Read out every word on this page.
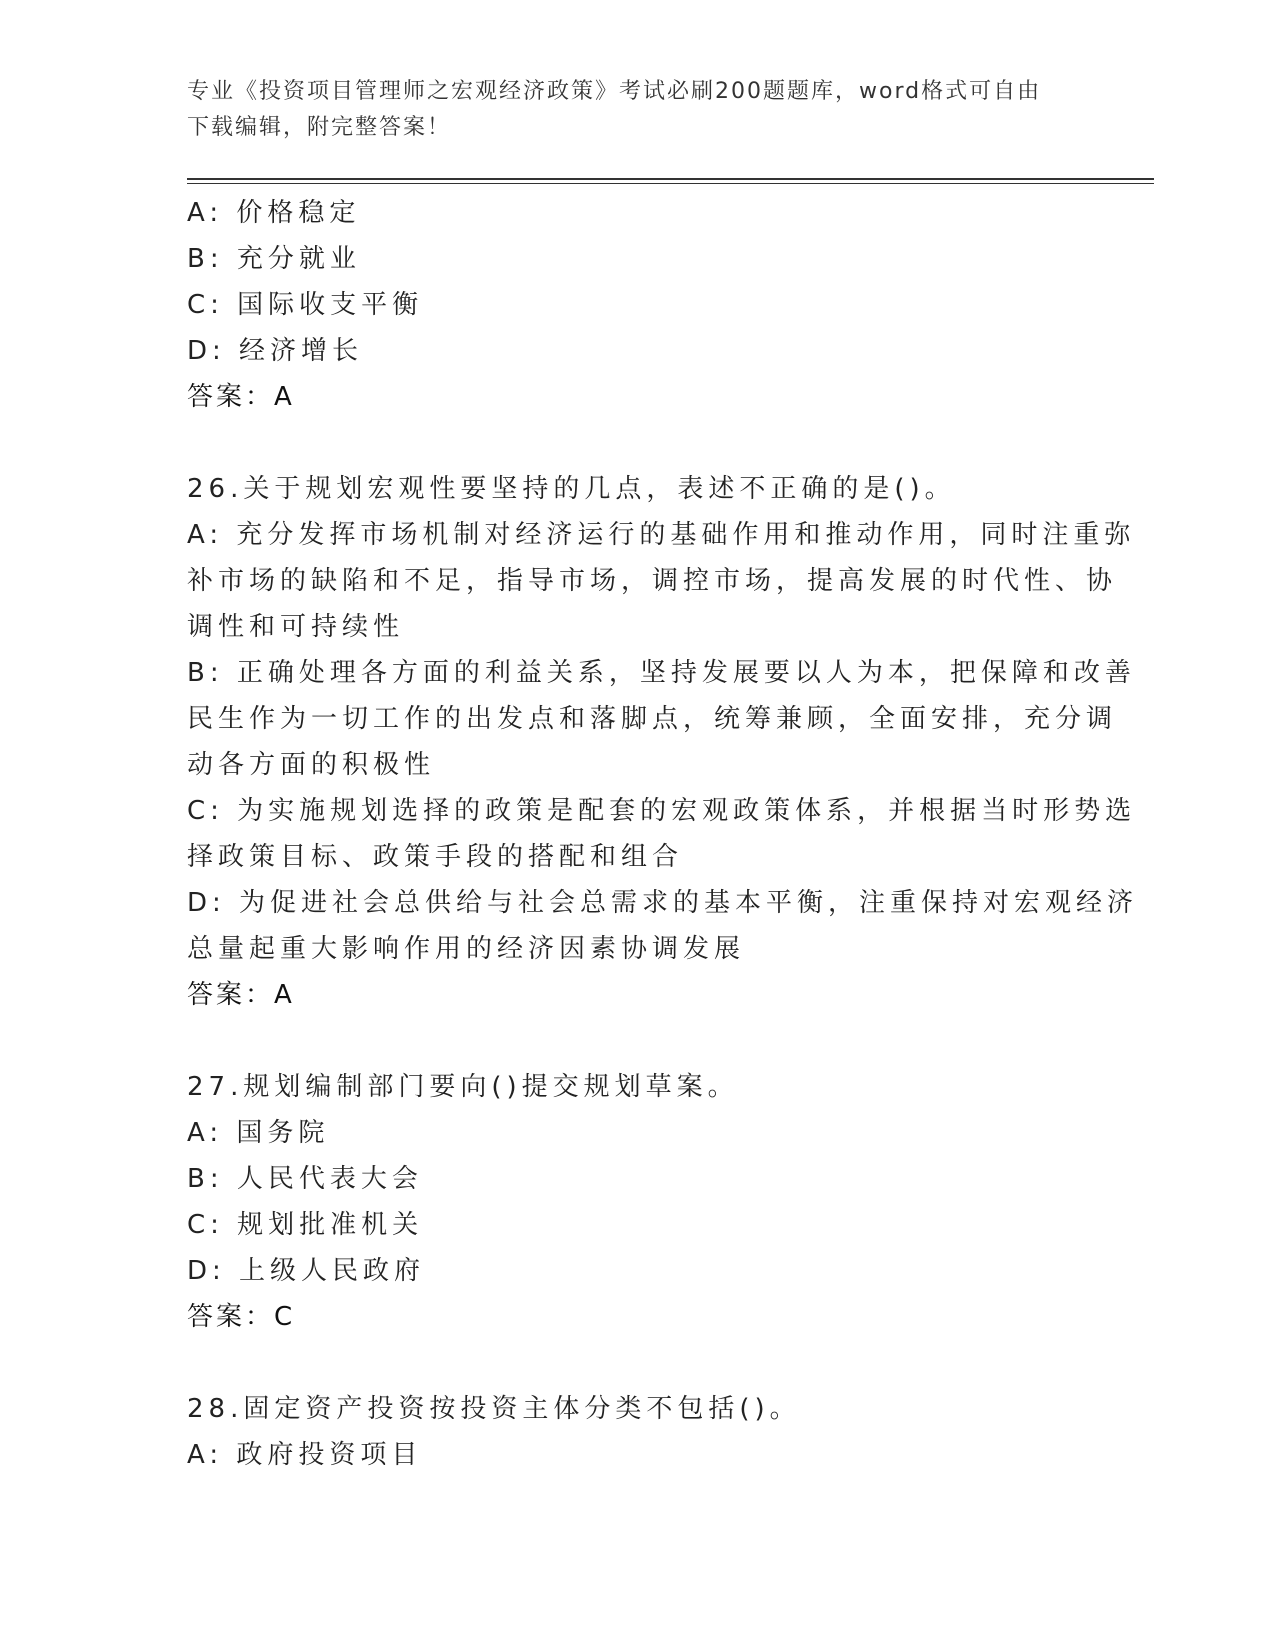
专业《投资项目管理师之宏观经济政策》考试必刷200题题库，word格式可自由
下载编辑，附完整答案！
A: 价格稳定
B: 充分就业
C: 国际收支平衡
D: 经济增长
答案：A
26.关于规划宏观性要坚持的几点，表述不正确的是()。
A: 充分发挥市场机制对经济运行的基础作用和推动作用，同时注重弥
补市场的缺陷和不足，指导市场，调控市场，提高发展的时代性、协
调性和可持续性
B: 正确处理各方面的利益关系，坚持发展要以人为本，把保障和改善
民生作为一切工作的出发点和落脚点，统筹兼顾，全面安排，充分调
动各方面的积极性
C: 为实施规划选择的政策是配套的宏观政策体系，并根据当时形势选
择政策目标、政策手段的搭配和组合
D: 为促进社会总供给与社会总需求的基本平衡，注重保持对宏观经济
总量起重大影响作用的经济因素协调发展
答案：A
27.规划编制部门要向()提交规划草案。
A: 国务院
B: 人民代表大会
C: 规划批准机关
D: 上级人民政府
答案：C
28.固定资产投资按投资主体分类不包括()。
A: 政府投资项目
